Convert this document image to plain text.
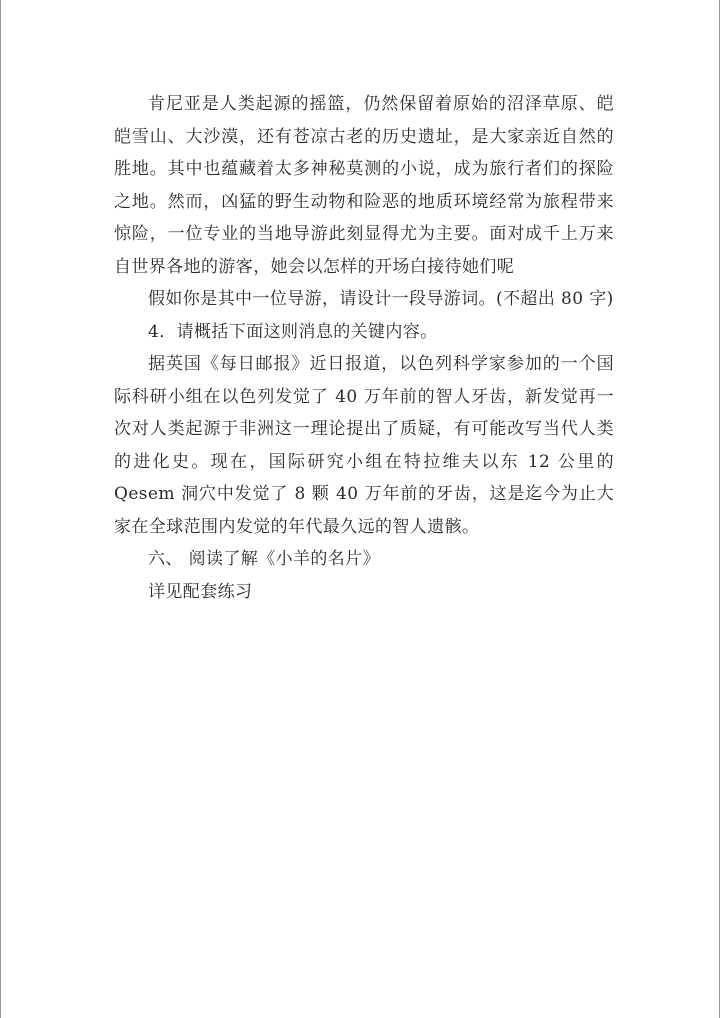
肯尼亚是人类起源的摇篮，仍然保留着原始的沼泽草原、皑皑雪山、大沙漠，还有苍凉古老的历史遗址，是大家亲近自然的胜地。其中也蕴藏着太多神秘莫测的小说，成为旅行者们的探险之地。然而，凶猛的野生动物和险恶的地质环境经常为旅程带来惊险，一位专业的当地导游此刻显得尤为主要。面对成千上万来自世界各地的游客，她会以怎样的开场白接待她们呢

假如你是其中一位导游，请设计一段导游词。(不超出 80 字)

4．请概括下面这则消息的关键内容。

据英国《每日邮报》近日报道，以色列科学家参加的一个国际科研小组在以色列发觉了 40 万年前的智人牙齿，新发觉再一次对人类起源于非洲这一理论提出了质疑，有可能改写当代人类的进化史。现在，国际研究小组在特拉维夫以东 12 公里的 Qesem 洞穴中发觉了 8 颗 40 万年前的牙齿，这是迄今为止大家在全球范围内发觉的年代最久远的智人遗骸。

六、 阅读了解《小羊的名片》

详见配套练习
